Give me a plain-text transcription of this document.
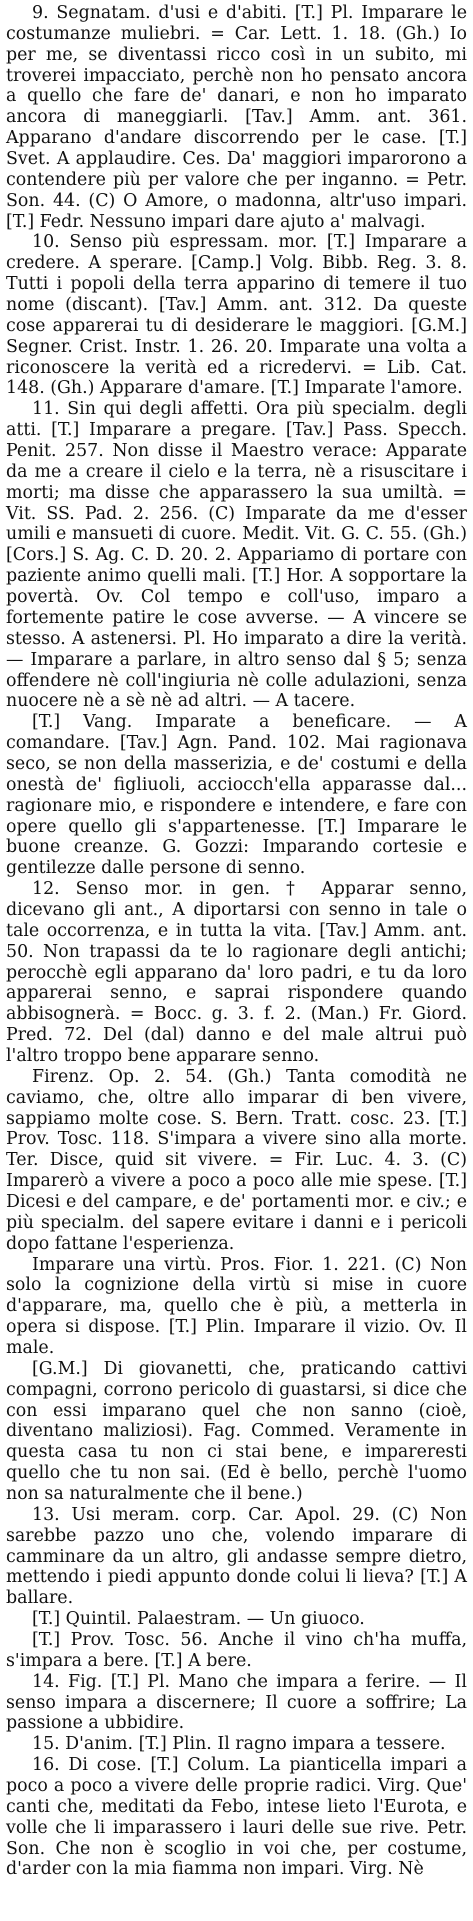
9. Segnatam. d'usi e d'abiti. [T.] Pl. Imparare le costumanze muliebri. = Car. Lett. 1. 18. (Gh.) Io per me, se diventassi ricco così in un subito, mi troverei impacciato, perchè non ho pensato ancora a quello che fare de' danari, e non ho imparato ancora di maneggiarli. [Tav.] Amm. ant. 361. Apparano d'andare discorrendo per le case. [T.] Svet. A applaudire. Ces. Da' maggiori imparorono a contendere più per valore che per inganno. = Petr. Son. 44. (C) O Amore, o madonna, altr'uso impari. [T.] Fedr. Nessuno impari dare ajuto a' malvagi.

10. Senso più espressam. mor. [T.] Imparare a credere. A sperare. [Camp.] Volg. Bibb. Reg. 3. 8. Tutti i popoli della terra apparino di temere il tuo nome (discant). [Tav.] Amm. ant. 312. Da queste cose apparerai tu di desiderare le maggiori. [G.M.] Segner. Crist. Instr. 1. 26. 20. Imparate una volta a riconoscere la verità ed a ricredervi. = Lib. Cat. 148. (Gh.) Apparare d'amare. [T.] Imparate l'amore.

11. Sin qui degli affetti. Ora più specialm. degli atti. [T.] Imparare a pregare. [Tav.] Pass. Specch. Penit. 257. Non disse il Maestro verace: Apparate da me a creare il cielo e la terra, nè a risuscitare i morti; ma disse che apparassero la sua umiltà. = Vit. SS. Pad. 2. 256. (C) Imparate da me d'esser umili e mansueti di cuore. Medit. Vit. G. C. 55. (Gh.) [Cors.] S. Ag. C. D. 20. 2. Appariamo di portare con paziente animo quelli mali. [T.] Hor. A sopportare la povertà. Ov. Col tempo e coll'uso, imparo a fortemente patire le cose avverse. — A vincere se stesso. A astenersi. Pl. Ho imparato a dire la verità. — Imparare a parlare, in altro senso dal § 5; senza offendere nè coll'ingiuria nè colle adulazioni, senza nuocere nè a sè nè ad altri. — A tacere.

[T.] Vang. Imparate a beneficare. — A comandare. [Tav.] Agn. Pand. 102. Mai ragionava seco, se non della masserizia, e de' costumi e della onestà de' figliuoli, acciocch'ella apparasse dal... ragionare mio, e rispondere e intendere, e fare con opere quello gli s'appartenesse. [T.] Imparare le buone creanze. G. Gozzi: Imparando cortesie e gentilezze dalle persone di senno.

12. Senso mor. in gen. † Apparar senno, dicevano gli ant., A diportarsi con senno in tale o tale occorrenza, e in tutta la vita. [Tav.] Amm. ant. 50. Non trapassi da te lo ragionare degli antichi; perocchè egli apparano da' loro padri, e tu da loro apparerai senno, e saprai rispondere quando abbisognerà. = Bocc. g. 3. f. 2. (Man.) Fr. Giord. Pred. 72. Del (dal) danno e del male altrui può l'altro troppo bene apparare senno.

Firenz. Op. 2. 54. (Gh.) Tanta comodità ne caviamo, che, oltre allo imparar di ben vivere, sappiamo molte cose. S. Bern. Tratt. cosc. 23. [T.] Prov. Tosc. 118. S'impara a vivere sino alla morte. Ter. Disce, quid sit vivere. = Fir. Luc. 4. 3. (C) Imparerò a vivere a poco a poco alle mie spese. [T.] Dicesi e del campare, e de' portamenti mor. e civ.; e più specialm. del sapere evitare i danni e i pericoli dopo fattane l'esperienza.

Imparare una virtù. Pros. Fior. 1. 221. (C) Non solo la cognizione della virtù si mise in cuore d'apparare, ma, quello che è più, a metterla in opera si dispose. [T.] Plin. Imparare il vizio. Ov. Il male.

[G.M.] Di giovanetti, che, praticando cattivi compagni, corrono pericolo di guastarsi, si dice che con essi imparano quel che non sanno (cioè, diventano maliziosi). Fag. Commed. Veramente in questa casa tu non ci stai bene, e impareresti quello che tu non sai. (Ed è bello, perchè l'uomo non sa naturalmente che il bene.)

13. Usi meram. corp. Car. Apol. 29. (C) Non sarebbe pazzo uno che, volendo imparare di camminare da un altro, gli andasse sempre dietro, mettendo i piedi appunto donde colui li lieva? [T.] A ballare.

[T.] Quintil. Palaestram. — Un giuoco.

[T.] Prov. Tosc. 56. Anche il vino ch'ha muffa, s'impara a bere. [T.] A bere.

14. Fig. [T.] Pl. Mano che impara a ferire. — Il senso impara a discernere; Il cuore a soffrire; La passione a ubbidire.

15. D'anim. [T.] Plin. Il ragno impara a tessere.

16. Di cose. [T.] Colum. La pianticella impari a poco a poco a vivere delle proprie radici. Virg. Que' canti che, meditati da Febo, intese lieto l'Eurota, e volle che li imparassero i lauri delle sue rive. Petr. Son. Che non è scoglio in voi che, per costume, d'arder con la mia fiamma non impari. Virg. Nè
